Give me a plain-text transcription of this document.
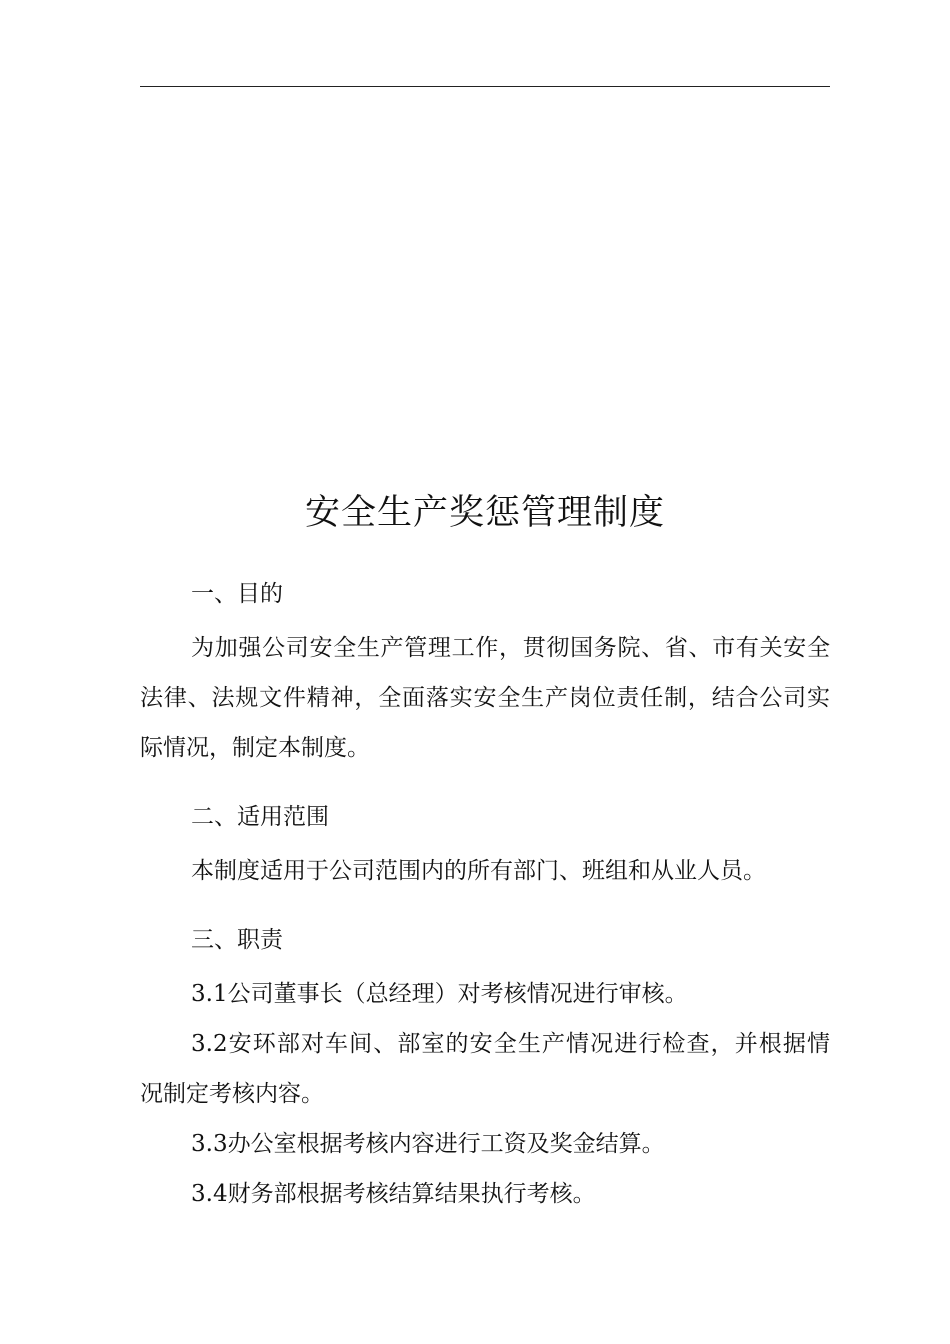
安全生产奖惩管理制度

一、目的

为加强公司安全生产管理工作，贯彻国务院、省、市有关安全

法律、法规文件精神，全面落实安全生产岗位责任制，结合公司实

际情况，制定本制度。

二、适用范围

本制度适用于公司范围内的所有部门、班组和从业人员。

三、职责

3.1公司董事长（总经理）对考核情况进行审核。

3.2安环部对车间、部室的安全生产情况进行检查，并根据情

况制定考核内容。

3.3办公室根据考核内容进行工资及奖金结算。

3.4财务部根据考核结算结果执行考核。
